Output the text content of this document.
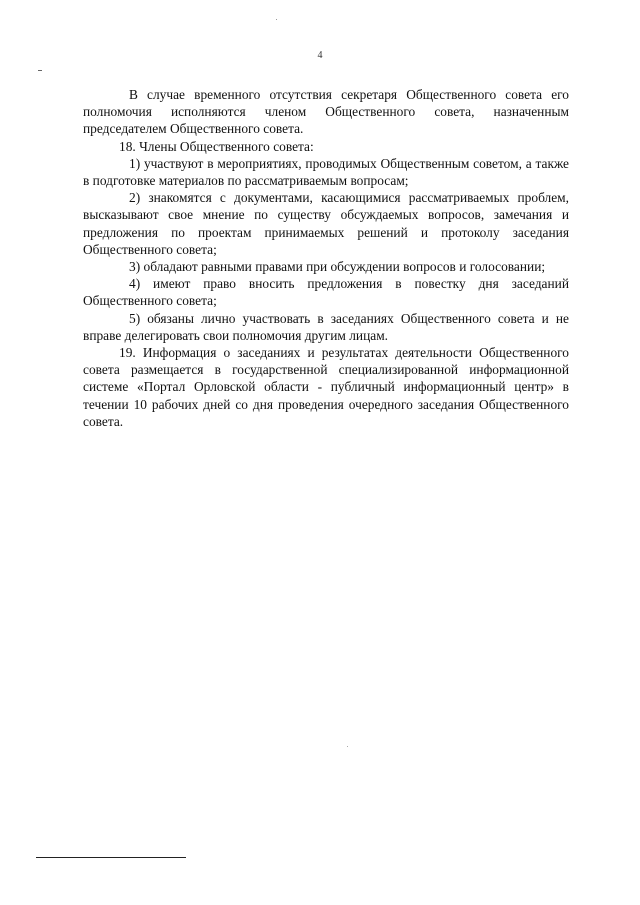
4

В случае временного отсутствия секретаря Общественного совета его полномочия исполняются членом Общественного совета, назначенным председателем Общественного совета.

18. Члены Общественного совета:

1) участвуют в мероприятиях, проводимых Общественным советом, а также в подготовке материалов по рассматриваемым вопросам;

2) знакомятся с документами, касающимися рассматриваемых проблем, высказывают свое мнение по существу обсуждаемых вопросов, замечания и предложения по проектам принимаемых решений и протоколу заседания Общественного совета;

3) обладают равными правами при обсуждении вопросов и голосовании;

4) имеют право вносить предложения в повестку дня заседаний Общественного совета;

5) обязаны лично участвовать в заседаниях Общественного совета и не вправе делегировать свои полномочия другим лицам.

19. Информация о заседаниях и результатах деятельности Общественного совета размещается в государственной специализированной информационной системе «Портал Орловской области - публичный информационный центр» в течении 10 рабочих дней со дня проведения очередного заседания Общественного совета.
